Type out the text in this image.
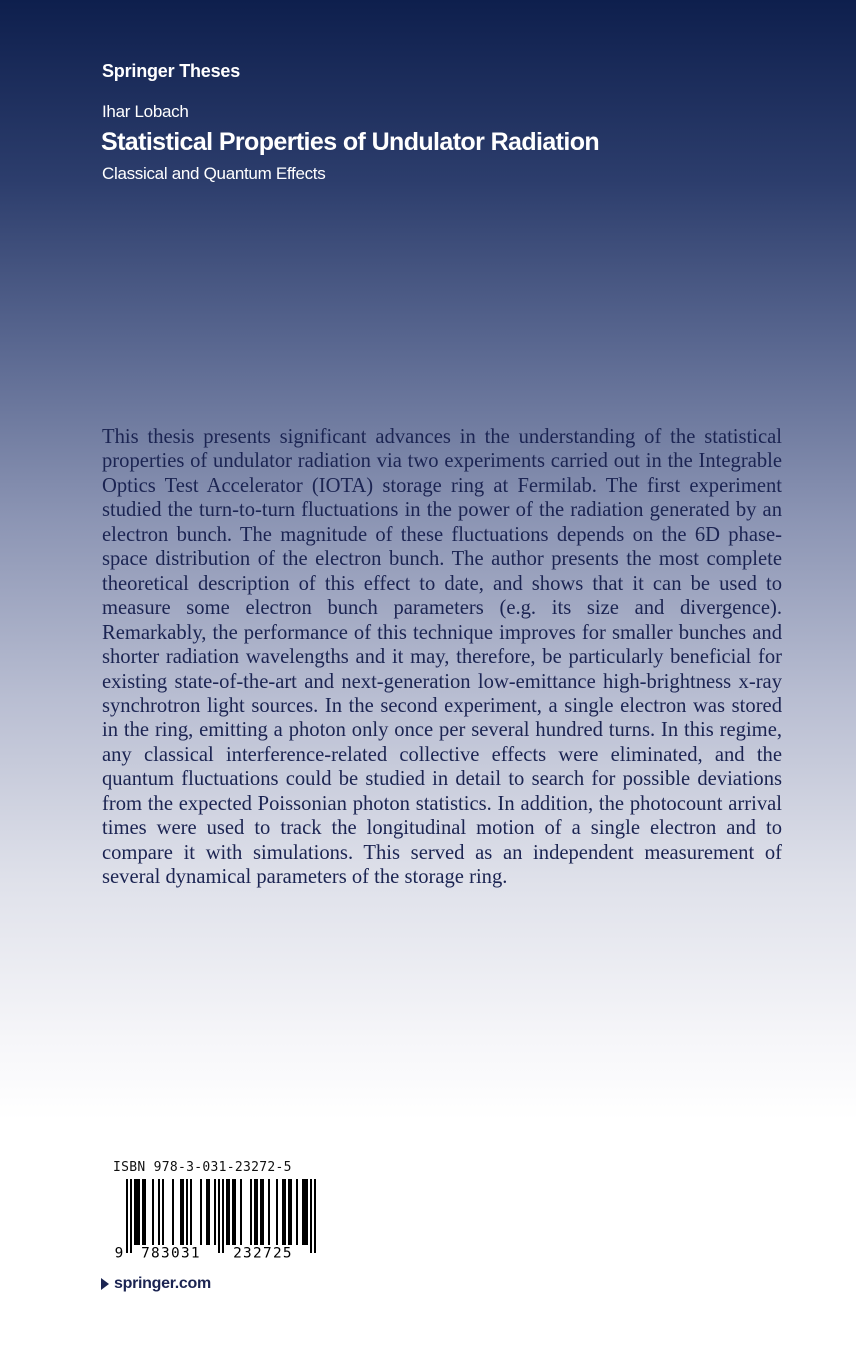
Springer Theses
Ihar Lobach
Statistical Properties of Undulator Radiation
Classical and Quantum Effects

This thesis presents significant advances in the understanding of the statistical properties of undulator radiation via two experiments carried out in the Integrable Optics Test Accelerator (IOTA) storage ring at Fermilab. The first experiment studied the turn-to-turn fluctuations in the power of the radiation generated by an electron bunch. The magnitude of these fluctuations depends on the 6D phase-space distribution of the electron bunch. The author presents the most complete theoretical description of this effect to date, and shows that it can be used to measure some electron bunch parameters (e.g. its size and divergence). Remarkably, the performance of this technique improves for smaller bunches and shorter radiation wavelengths and it may, therefore, be particularly beneficial for existing state-of-the-art and next-generation low-emittance high-brightness x-ray synchrotron light sources. In the second experiment, a single electron was stored in the ring, emitting a photon only once per several hundred turns. In this regime, any classical interference-related collective effects were eliminated, and the quantum fluctuations could be studied in detail to search for possible deviations from the expected Poissonian photon statistics. In addition, the photocount arrival times were used to track the longitudinal motion of a single electron and to compare it with simulations. This served as an independent measurement of several dynamical parameters of the storage ring.

ISBN 978-3-031-23272-5
9 783031	232725
springer.com
